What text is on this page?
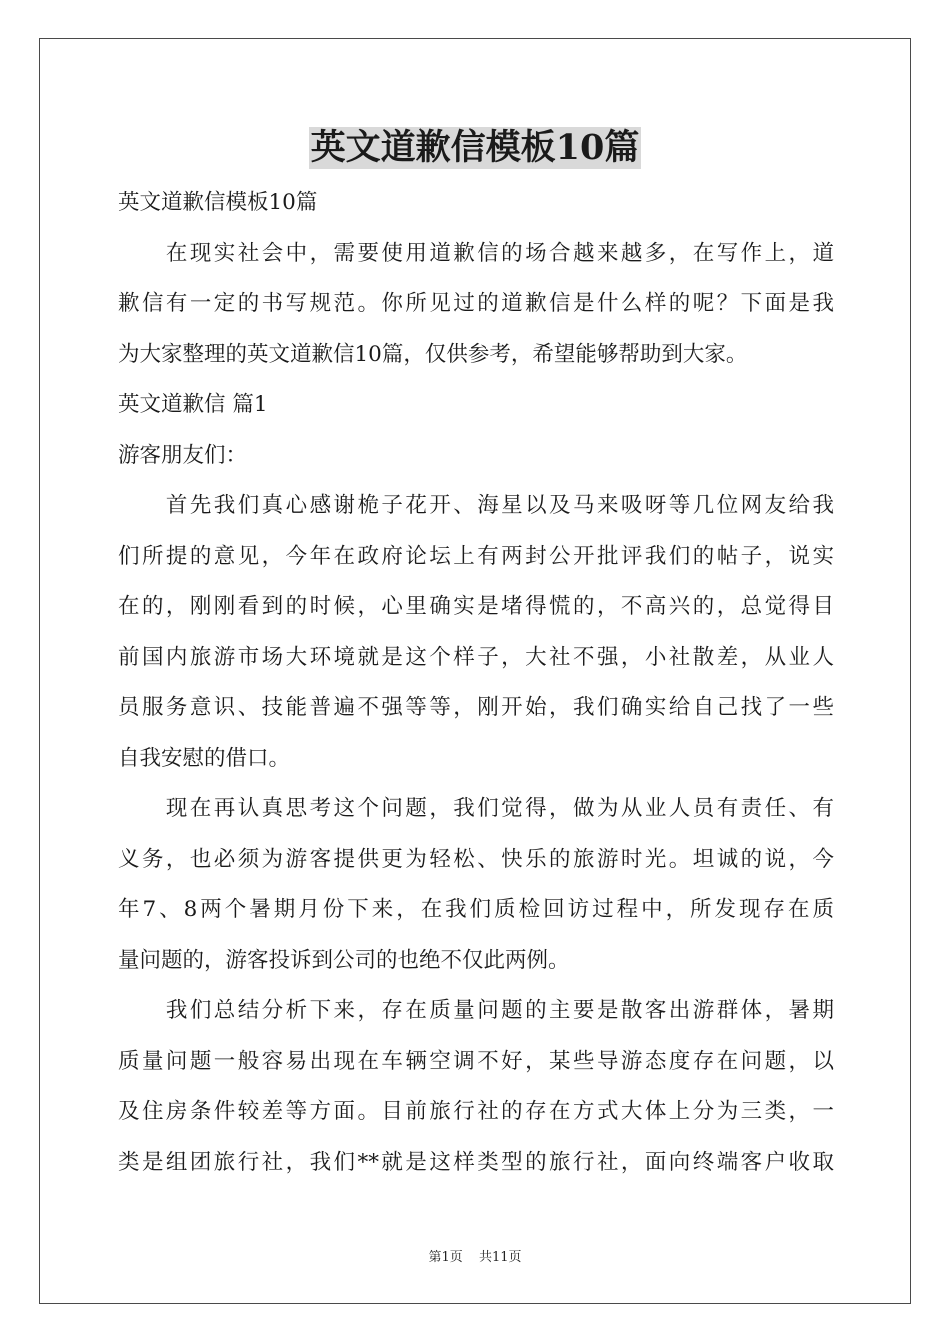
英文道歉信模板10篇
英文道歉信模板10篇
　　在现实社会中，需要使用道歉信的场合越来越多，在写作上，道
歉信有一定的书写规范。你所见过的道歉信是什么样的呢？下面是我
为大家整理的英文道歉信10篇，仅供参考，希望能够帮助到大家。
英文道歉信 篇1
游客朋友们：
　　首先我们真心感谢桅子花开、海星以及马来吸呀等几位网友给我
们所提的意见，今年在政府论坛上有两封公开批评我们的帖子，说实
在的，刚刚看到的时候，心里确实是堵得慌的，不高兴的，总觉得目
前国内旅游市场大环境就是这个样子，大社不强，小社散差，从业人
员服务意识、技能普遍不强等等，刚开始，我们确实给自己找了一些
自我安慰的借口。
　　现在再认真思考这个问题，我们觉得，做为从业人员有责任、有
义务，也必须为游客提供更为轻松、快乐的旅游时光。坦诚的说，今
年7、8两个暑期月份下来，在我们质检回访过程中，所发现存在质
量问题的，游客投诉到公司的也绝不仅此两例。
　　我们总结分析下来，存在质量问题的主要是散客出游群体，暑期
质量问题一般容易出现在车辆空调不好，某些导游态度存在问题，以
及住房条件较差等方面。目前旅行社的存在方式大体上分为三类，一
类是组团旅行社，我们**就是这样类型的旅行社，面向终端客户收取
第1页 共11页
